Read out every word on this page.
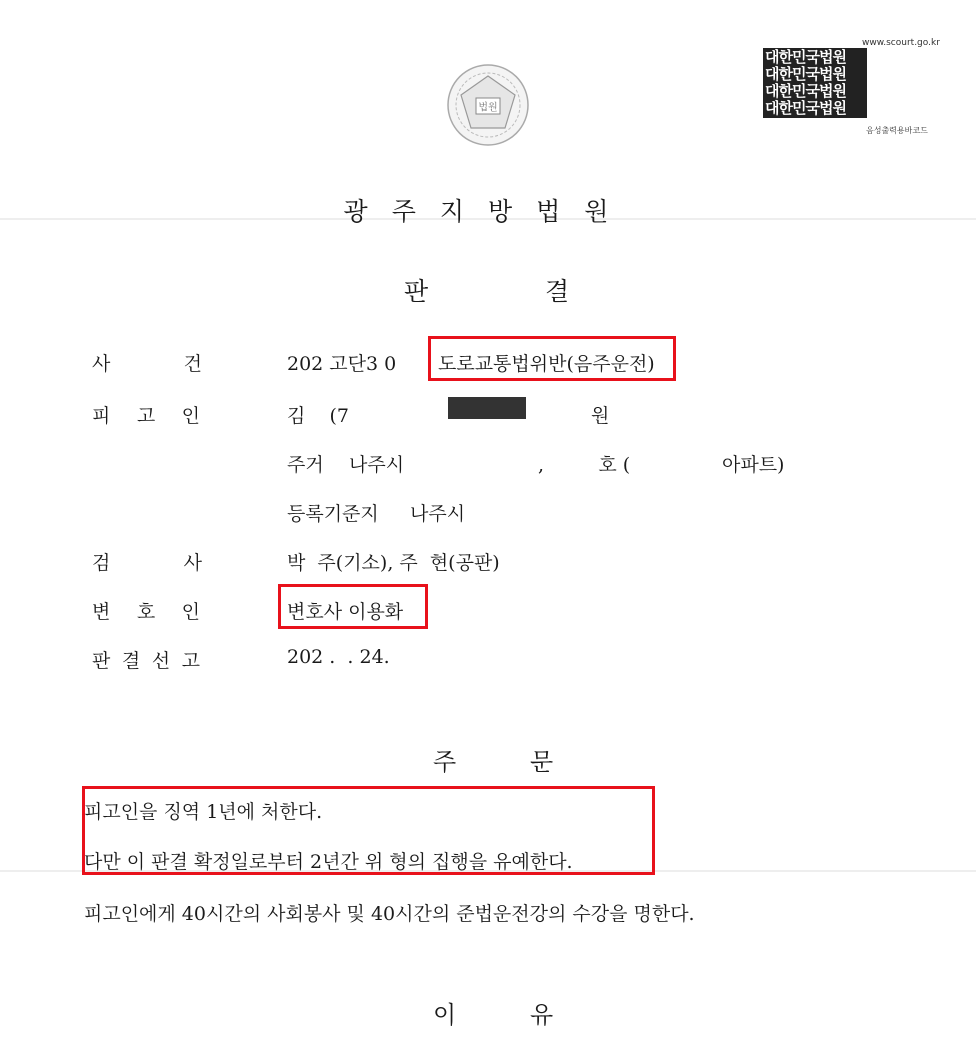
법원
www.scourt.go.kr
대한민국법원
대한민국법원
대한민국법원
대한민국법원
음성출력용바코드
광주지방법원
판	결
사	건	202 고단3 0 도로교통법위반(음주운전)
피 고 인	김    (7	원
주거 나주시	,         호 (	아파트)
등록기준지 나주시
검	사	박  주(기소), 주  현(공판)
변 호 인	변호사 이용화
판 결 선 고	202 .  . 24.
주	문
피고인을 징역 1년에 처한다.
다만 이 판결 확정일로부터 2년간 위 형의 집행을 유예한다.
피고인에게 40시간의 사회봉사 및 40시간의 준법운전강의 수강을 명한다.
이	유
